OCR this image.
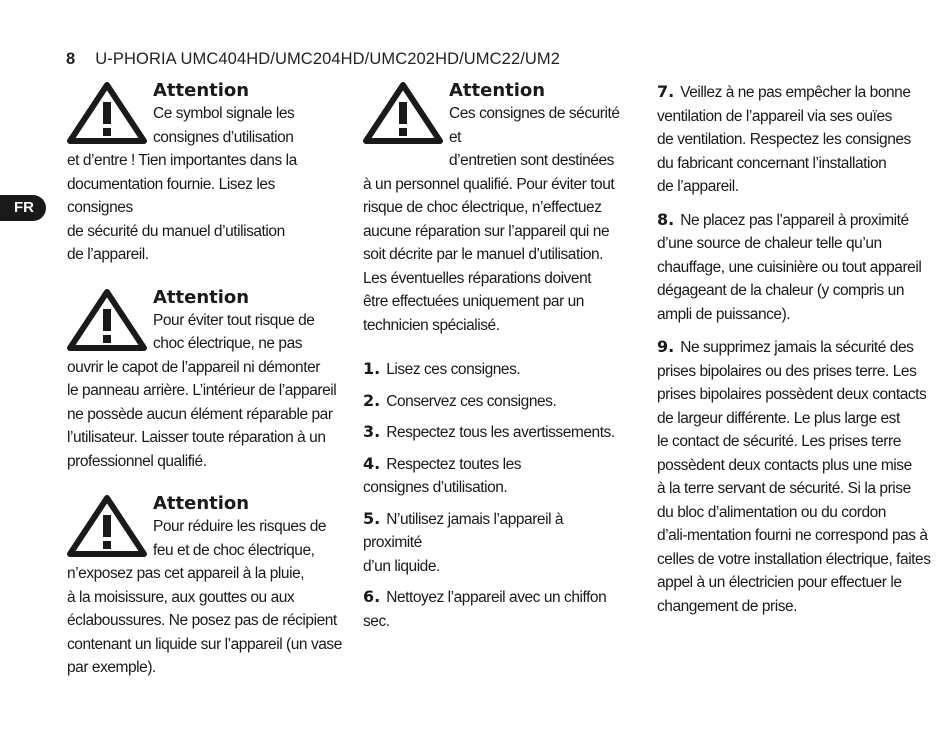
8 U-PHORIA UMC404HD/UMC204HD/UMC202HD/UMC22/UM2
FR
Attention
Ce symbol signale les
consignes d’utilisation
et d’entre ! Tien importantes dans la
documentation fournie. Lisez les consignes
de sécurité du manuel d’utilisation
de l’appareil.
Attention
Pour éviter tout risque de
choc électrique, ne pas
ouvrir le capot de l’appareil ni démonter
le panneau arrière. L’intérieur de l’appareil
ne possède aucun élément réparable par
l’utilisateur. Laisser toute réparation à un
professionnel qualifié.
Attention
Pour réduire les risques de
feu et de choc électrique,
n’exposez pas cet appareil à la pluie,
à la moisissure, aux gouttes ou aux
éclaboussures. Ne posez pas de récipient
contenant un liquide sur l’appareil (un vase
par exemple).
Attention
Ces consignes de sécurité et
d’entretien sont destinées
à un personnel qualifié. Pour éviter tout
risque de choc électrique, n’effectuez
aucune réparation sur l’appareil qui ne
soit décrite par le manuel d’utilisation.
Les éventuelles réparations doivent
être effectuées uniquement par un
technicien spécialisé.
1. Lisez ces consignes.
2. Conservez ces consignes.
3. Respectez tous les avertissements.
4. Respectez toutes les
consignes d’utilisation.
5. N’utilisez jamais l’appareil à proximité
d’un liquide.
6. Nettoyez l’appareil avec un chiffon sec.
7. Veillez à ne pas empêcher la bonne
ventilation de l’appareil via ses ouïes
de ventilation. Respectez les consignes
du fabricant concernant l’installation
de l’appareil.
8. Ne placez pas l’appareil à proximité
d’une source de chaleur telle qu’un
chauffage, une cuisinière ou tout appareil
dégageant de la chaleur (y compris un
ampli de puissance).
9. Ne supprimez jamais la sécurité des
prises bipolaires ou des prises terre. Les
prises bipolaires possèdent deux contacts
de largeur différente. Le plus large est
le contact de sécurité. Les prises terre
possèdent deux contacts plus une mise
à la terre servant de sécurité. Si la prise
du bloc d’alimentation ou du cordon
d’ali-mentation fourni ne correspond pas à
celles de votre installation électrique, faites
appel à un électricien pour effectuer le
changement de prise.
